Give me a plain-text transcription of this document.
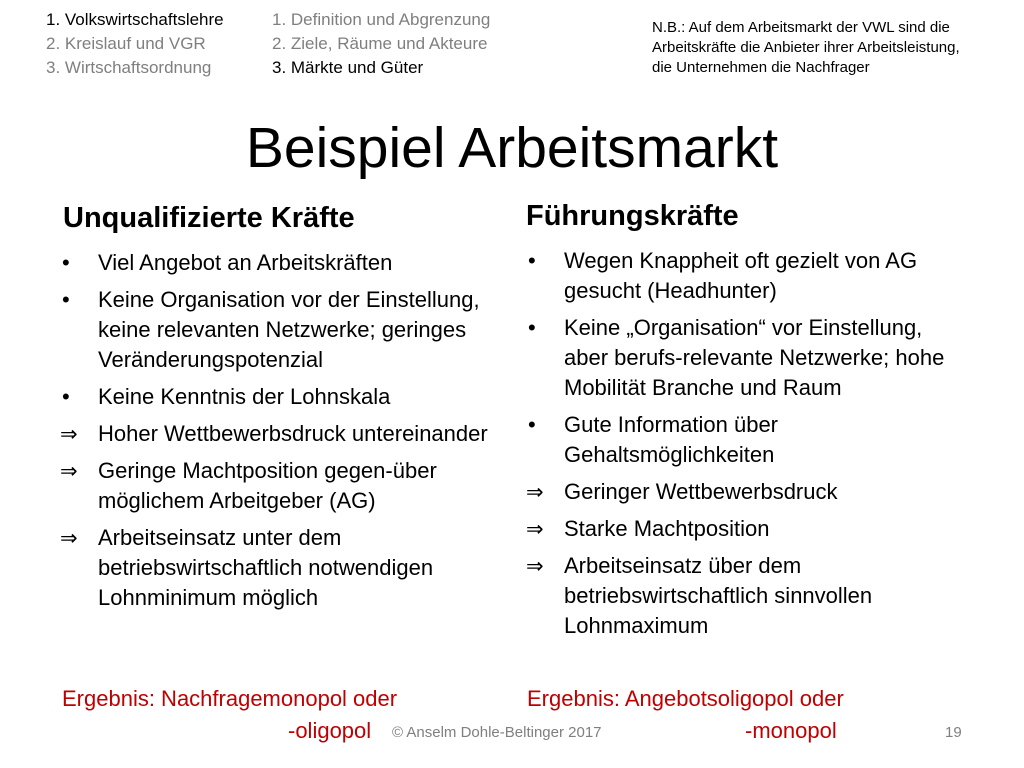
1. Volkswirtschaftslehre
2. Kreislauf und VGR
3. Wirtschaftsordnung
1. Definition und Abgrenzung
2. Ziele, Räume und Akteure
3. Märkte und Güter
N.B.: Auf dem Arbeitsmarkt der VWL sind die Arbeitskräfte die Anbieter ihrer Arbeitsleistung, die Unternehmen die Nachfrager
Beispiel Arbeitsmarkt
Unqualifizierte Kräfte
•	Viel Angebot an Arbeitskräften
•	Keine Organisation vor der Einstellung, keine relevanten Netzwerke; geringes Veränderungspotenzial
•	Keine Kenntnis der Lohnskala
⇒ Hoher Wettbewerbsdruck untereinander
⇒ Geringe Machtposition gegen-über möglichem Arbeitgeber (AG)
⇒ Arbeitseinsatz unter dem betriebswirtschaftlich notwendigen Lohnminimum möglich
Führungskräfte
•	Wegen Knappheit oft gezielt von AG gesucht (Headhunter)
•	Keine „Organisation“ vor Einstellung, aber berufs-relevante Netzwerke; hohe Mobilität Branche und Raum
•	Gute Information über Gehaltsmöglichkeiten
⇒ Geringer Wettbewerbsdruck
⇒ Starke Machtposition
⇒ Arbeitseinsatz über dem betriebswirtschaftlich sinnvollen Lohnmaximum
Ergebnis: Nachfragemonopol oder
-oligopol
Ergebnis: Angebotsoligopol oder
-monopol
© Anselm Dohle-Beltinger 2017	19
